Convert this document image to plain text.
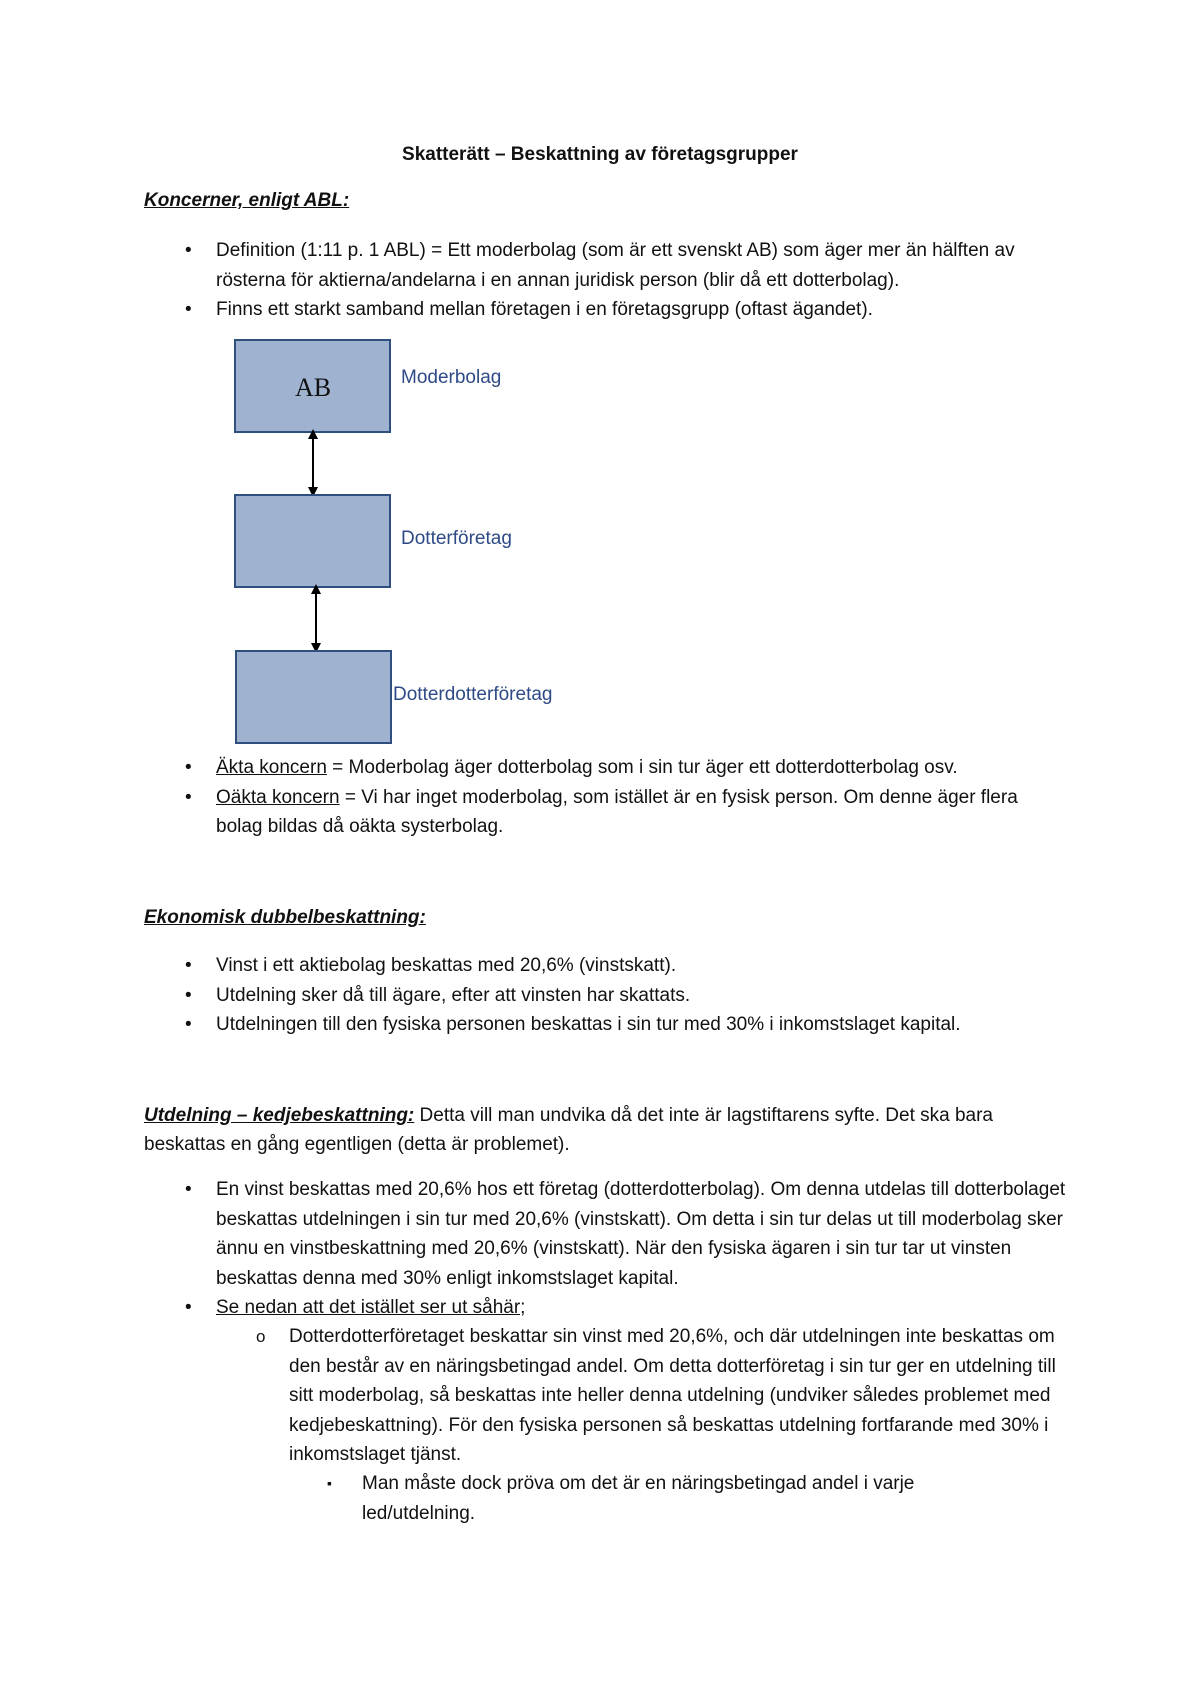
Skatterätt – Beskattning av företagsgrupper
Koncerner, enligt ABL:
• Definition (1:11 p. 1 ABL) = Ett moderbolag (som är ett svenskt AB) som äger mer än hälften av rösterna för aktierna/andelarna i en annan juridisk person (blir då ett dotterbolag).
• Finns ett starkt samband mellan företagen i en företagsgrupp (oftast ägandet).
AB	Moderbolag
Dotterföretag
Dotterdotterföretag
• Äkta koncern = Moderbolag äger dotterbolag som i sin tur äger ett dotterdotterbolag osv.
• Oäkta koncern = Vi har inget moderbolag, som istället är en fysisk person. Om denne äger flera bolag bildas då oäkta systerbolag.
Ekonomisk dubbelbeskattning:
• Vinst i ett aktiebolag beskattas med 20,6% (vinstskatt).
• Utdelning sker då till ägare, efter att vinsten har skattats.
• Utdelningen till den fysiska personen beskattas i sin tur med 30% i inkomstslaget kapital.
Utdelning – kedjebeskattning: Detta vill man undvika då det inte är lagstiftarens syfte. Det ska bara beskattas en gång egentligen (detta är problemet).
• En vinst beskattas med 20,6% hos ett företag (dotterdotterbolag). Om denna utdelas till dotterbolaget beskattas utdelningen i sin tur med 20,6% (vinstskatt). Om detta i sin tur delas ut till moderbolag sker ännu en vinstbeskattning med 20,6% (vinstskatt). När den fysiska ägaren i sin tur tar ut vinsten beskattas denna med 30% enligt inkomstslaget kapital.
• Se nedan att det istället ser ut såhär;
o Dotterdotterföretaget beskattar sin vinst med 20,6%, och där utdelningen inte beskattas om den består av en näringsbetingad andel. Om detta dotterföretag i sin tur ger en utdelning till sitt moderbolag, så beskattas inte heller denna utdelning (undviker således problemet med kedjebeskattning). För den fysiska personen så beskattas utdelning fortfarande med 30% i inkomstslaget tjänst.
▪ Man måste dock pröva om det är en näringsbetingad andel i varje led/utdelning.
